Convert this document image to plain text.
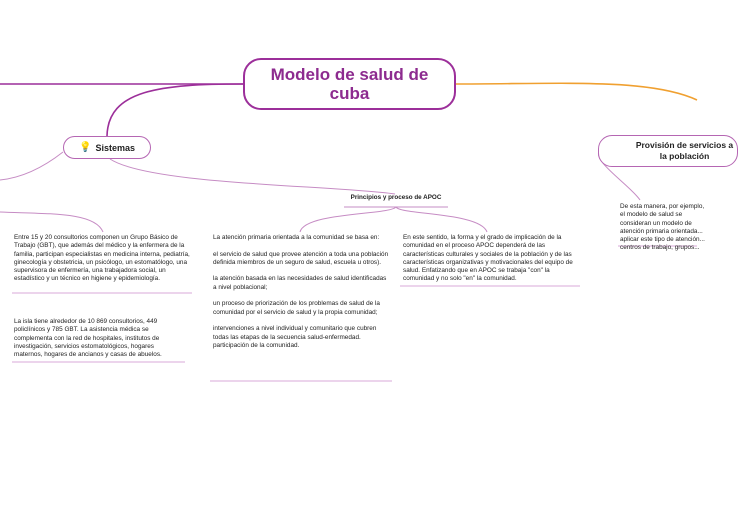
Modelo de salud de cuba
💡 Sistemas	Provisión de servicios a la población
Principios y proceso de APOC
Entre 15 y 20 consultorios componen un Grupo Básico de Trabajo (GBT), que además del médico y la enfermera de la familia, participan especialistas en medicina interna, pediatría, ginecología y obstetricia, un psicólogo, un estomatólogo, una supervisora de enfermería, una trabajadora social, un estadístico y un técnico en higiene y epidemiología.
La isla tiene alrededor de 10 869 consultorios, 449 policlínicos y 785 GBT. La asistencia médica se complementa con la red de hospitales, institutos de investigación, servicios estomatológicos, hogares maternos, hogares de ancianos y casas de abuelos.

La atención primaria orientada a la comunidad se basa en:

el servicio de salud que provee atención a toda una población definida miembros de un seguro de salud, escuela u otros).

la atención basada en las necesidades de salud identificadas a nivel poblacional;

un proceso de priorización de los problemas de salud de la comunidad por el servicio de salud y la propia comunidad;

intervenciones a nivel individual y comunitario que cubren todas las etapas de la secuencia salud-enfermedad.

participación de la comunidad.

En este sentido, la forma y el grado de implicación de la comunidad en el proceso APOC dependerá de las características culturales y sociales de la población y de las características organizativas y motivacionales del equipo de salud. Enfatizando que en APOC se trabaja "con" la comunidad y no solo "en" la comunidad.
De esta manera, por ejemplo, el modelo de salud se consideran un modelo de atención primaria orientada... aplicar este tipo de atención... centros de trabajo, grupos...
